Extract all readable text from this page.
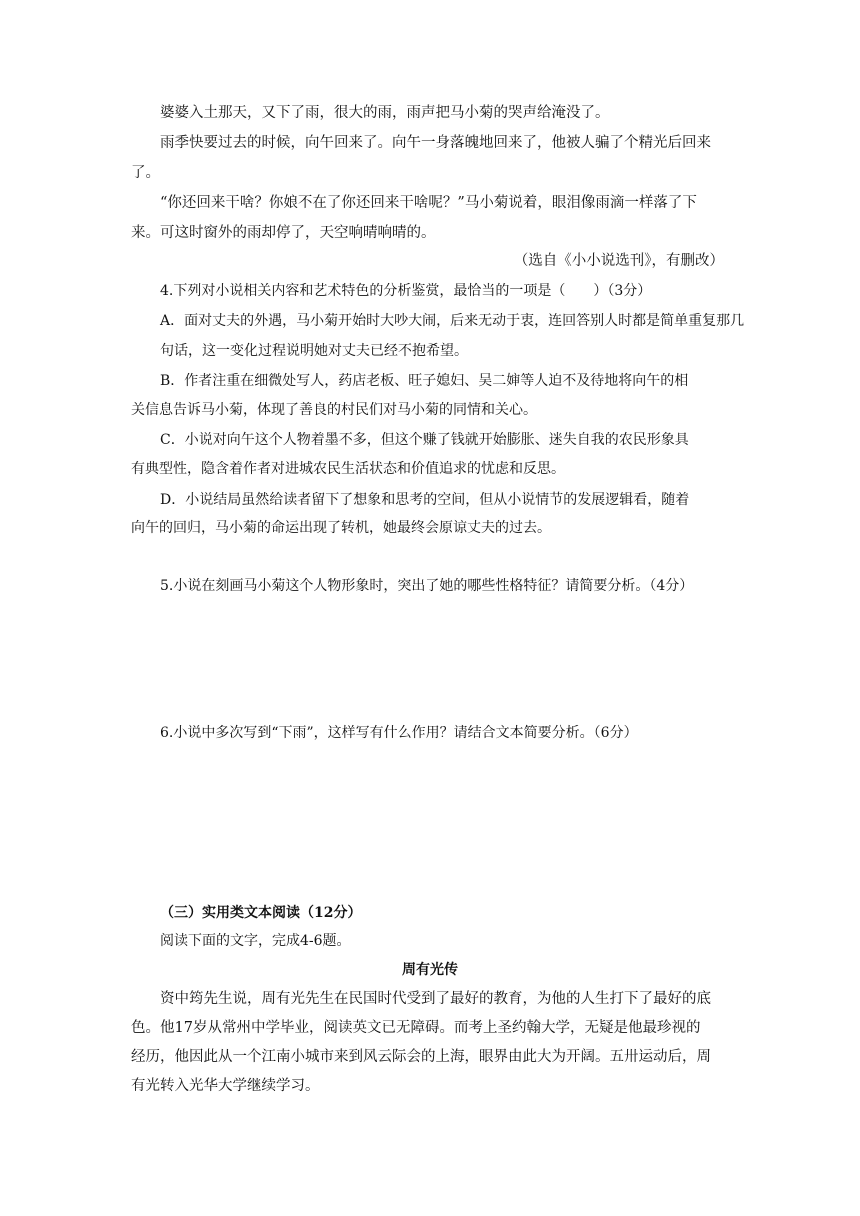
婆婆入土那天，又下了雨，很大的雨，雨声把马小菊的哭声给淹没了。
雨季快要过去的时候，向午回来了。向午一身落魄地回来了，他被人骗了个精光后回来
了。
“你还回来干啥？你娘不在了你还回来干啥呢？”马小菊说着，眼泪像雨滴一样落了下
来。可这时窗外的雨却停了，天空响晴响晴的。
（选自《小小说选刊》，有删改）
4.下列对小说相关内容和艺术特色的分析鉴赏，最恰当的一项是（　　）（3分）
A．面对丈夫的外遇，马小菊开始时大吵大闹，后来无动于衷，连回答别人时都是简单重复那几
句话，这一变化过程说明她对丈夫已经不抱希望。
B．作者注重在细微处写人，药店老板、旺子媳妇、吴二婶等人迫不及待地将向午的相
关信息告诉马小菊，体现了善良的村民们对马小菊的同情和关心。
C．小说对向午这个人物着墨不多，但这个赚了钱就开始膨胀、迷失自我的农民形象具
有典型性，隐含着作者对进城农民生活状态和价值追求的忧虑和反思。
D．小说结局虽然给读者留下了想象和思考的空间，但从小说情节的发展逻辑看，随着
向午的回归，马小菊的命运出现了转机，她最终会原谅丈夫的过去。
5.小说在刻画马小菊这个人物形象时，突出了她的哪些性格特征？请简要分析。（4分）
6.小说中多次写到“下雨”，这样写有什么作用？请结合文本简要分析。（6分）
（三）实用类文本阅读（12分）
阅读下面的文字，完成4-6题。
周有光传
资中筠先生说，周有光先生在民国时代受到了最好的教育，为他的人生打下了最好的底
色。他17岁从常州中学毕业，阅读英文已无障碍。而考上圣约翰大学，无疑是他最珍视的
经历，他因此从一个江南小城市来到风云际会的上海，眼界由此大为开阔。五卅运动后，周
有光转入光华大学继续学习。
